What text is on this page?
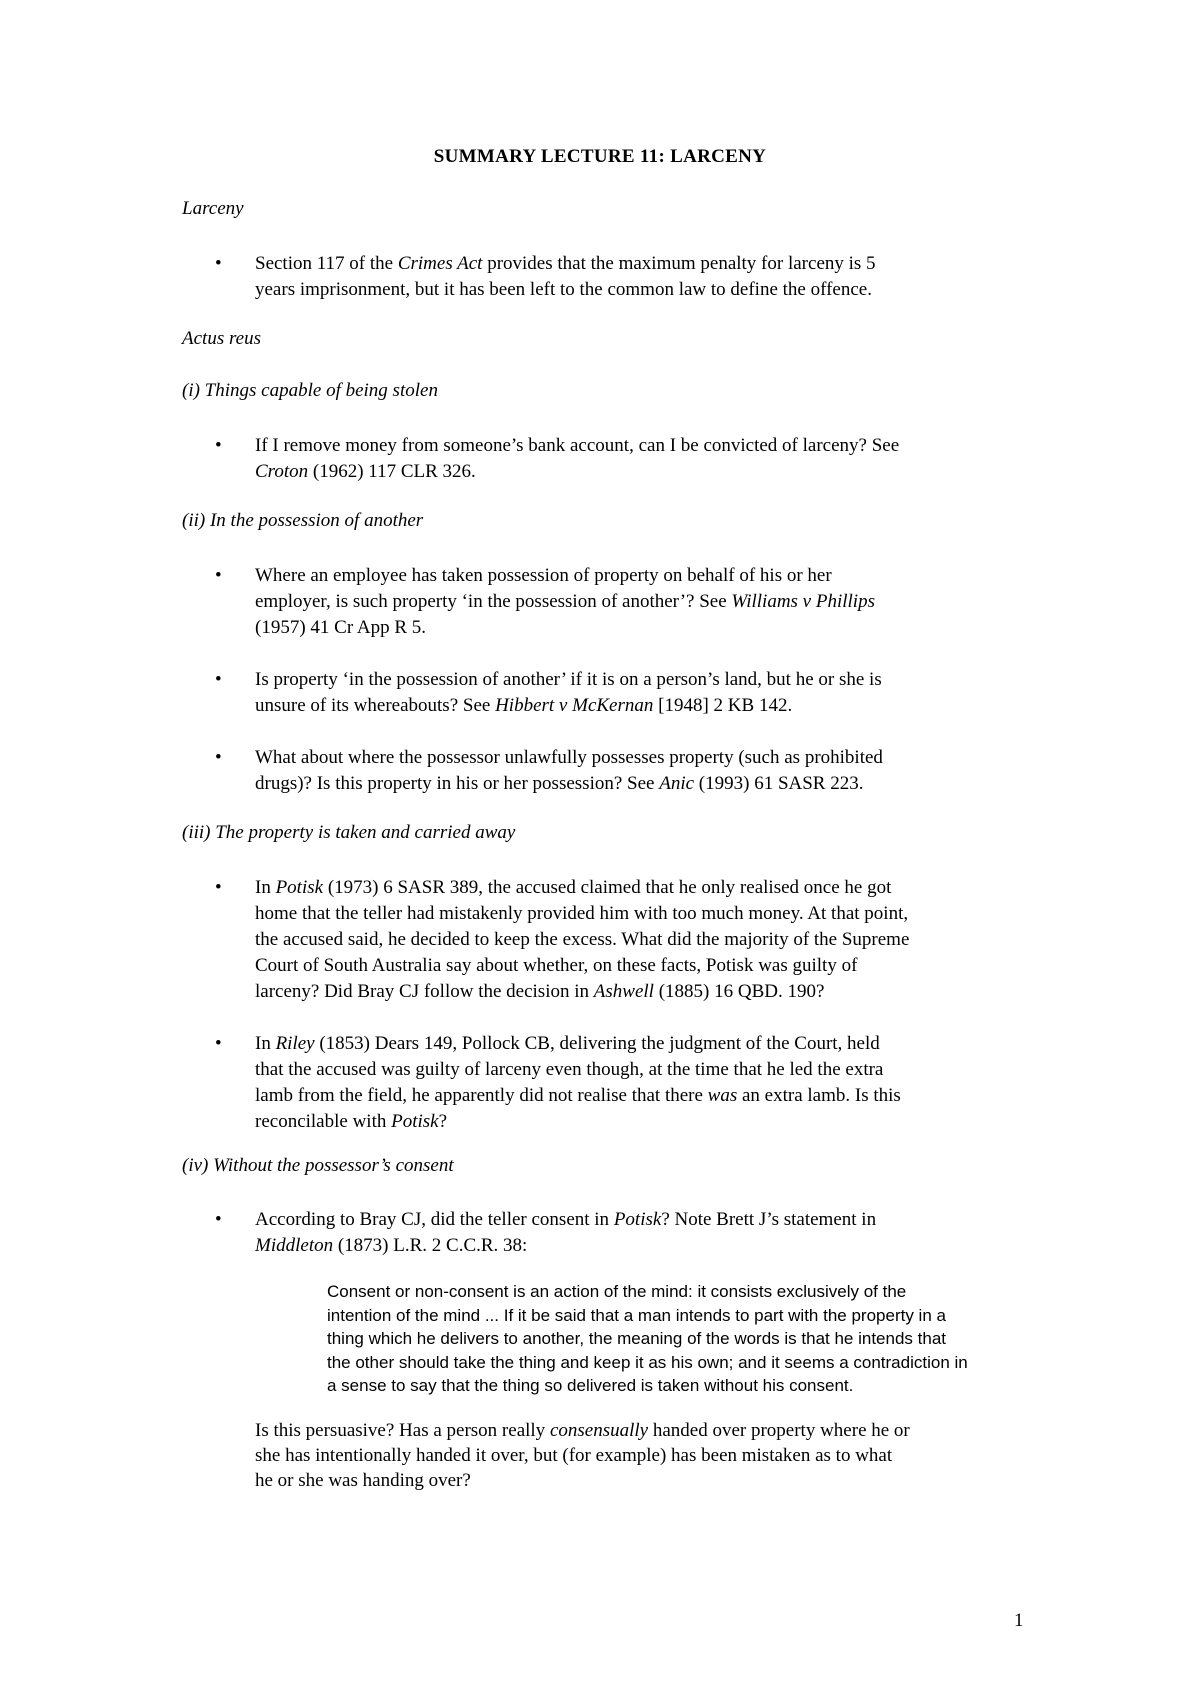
SUMMARY LECTURE 11: LARCENY
Larceny
•	Section 117 of the Crimes Act provides that the maximum penalty for larceny is 5
years imprisonment, but it has been left to the common law to define the offence.
Actus reus
(i) Things capable of being stolen
•	If I remove money from someone’s bank account, can I be convicted of larceny? See
Croton (1962) 117 CLR 326.
(ii) In the possession of another
•	Where an employee has taken possession of property on behalf of his or her
employer, is such property ‘in the possession of another’? See Williams v Phillips
(1957) 41 Cr App R 5.
•	Is property ‘in the possession of another’ if it is on a person’s land, but he or she is
unsure of its whereabouts? See Hibbert v McKernan [1948] 2 KB 142.
•	What about where the possessor unlawfully possesses property (such as prohibited
drugs)? Is this property in his or her possession? See Anic (1993) 61 SASR 223.
(iii) The property is taken and carried away
•	In Potisk (1973) 6 SASR 389, the accused claimed that he only realised once he got
home that the teller had mistakenly provided him with too much money. At that point,
the accused said, he decided to keep the excess. What did the majority of the Supreme
Court of South Australia say about whether, on these facts, Potisk was guilty of
larceny? Did Bray CJ follow the decision in Ashwell (1885) 16 QBD. 190?
•	In Riley (1853) Dears 149, Pollock CB, delivering the judgment of the Court, held
that the accused was guilty of larceny even though, at the time that he led the extra
lamb from the field, he apparently did not realise that there was an extra lamb. Is this
reconcilable with Potisk?
(iv) Without the possessor’s consent
•	According to Bray CJ, did the teller consent in Potisk? Note Brett J’s statement in
Middleton (1873) L.R. 2 C.C.R. 38:
Consent or non-consent is an action of the mind: it consists exclusively of the
intention of the mind ... If it be said that a man intends to part with the property in a
thing which he delivers to another, the meaning of the words is that he intends that
the other should take the thing and keep it as his own; and it seems a contradiction in
a sense to say that the thing so delivered is taken without his consent.
Is this persuasive? Has a person really consensually handed over property where he or
she has intentionally handed it over, but (for example) has been mistaken as to what
he or she was handing over?
1
